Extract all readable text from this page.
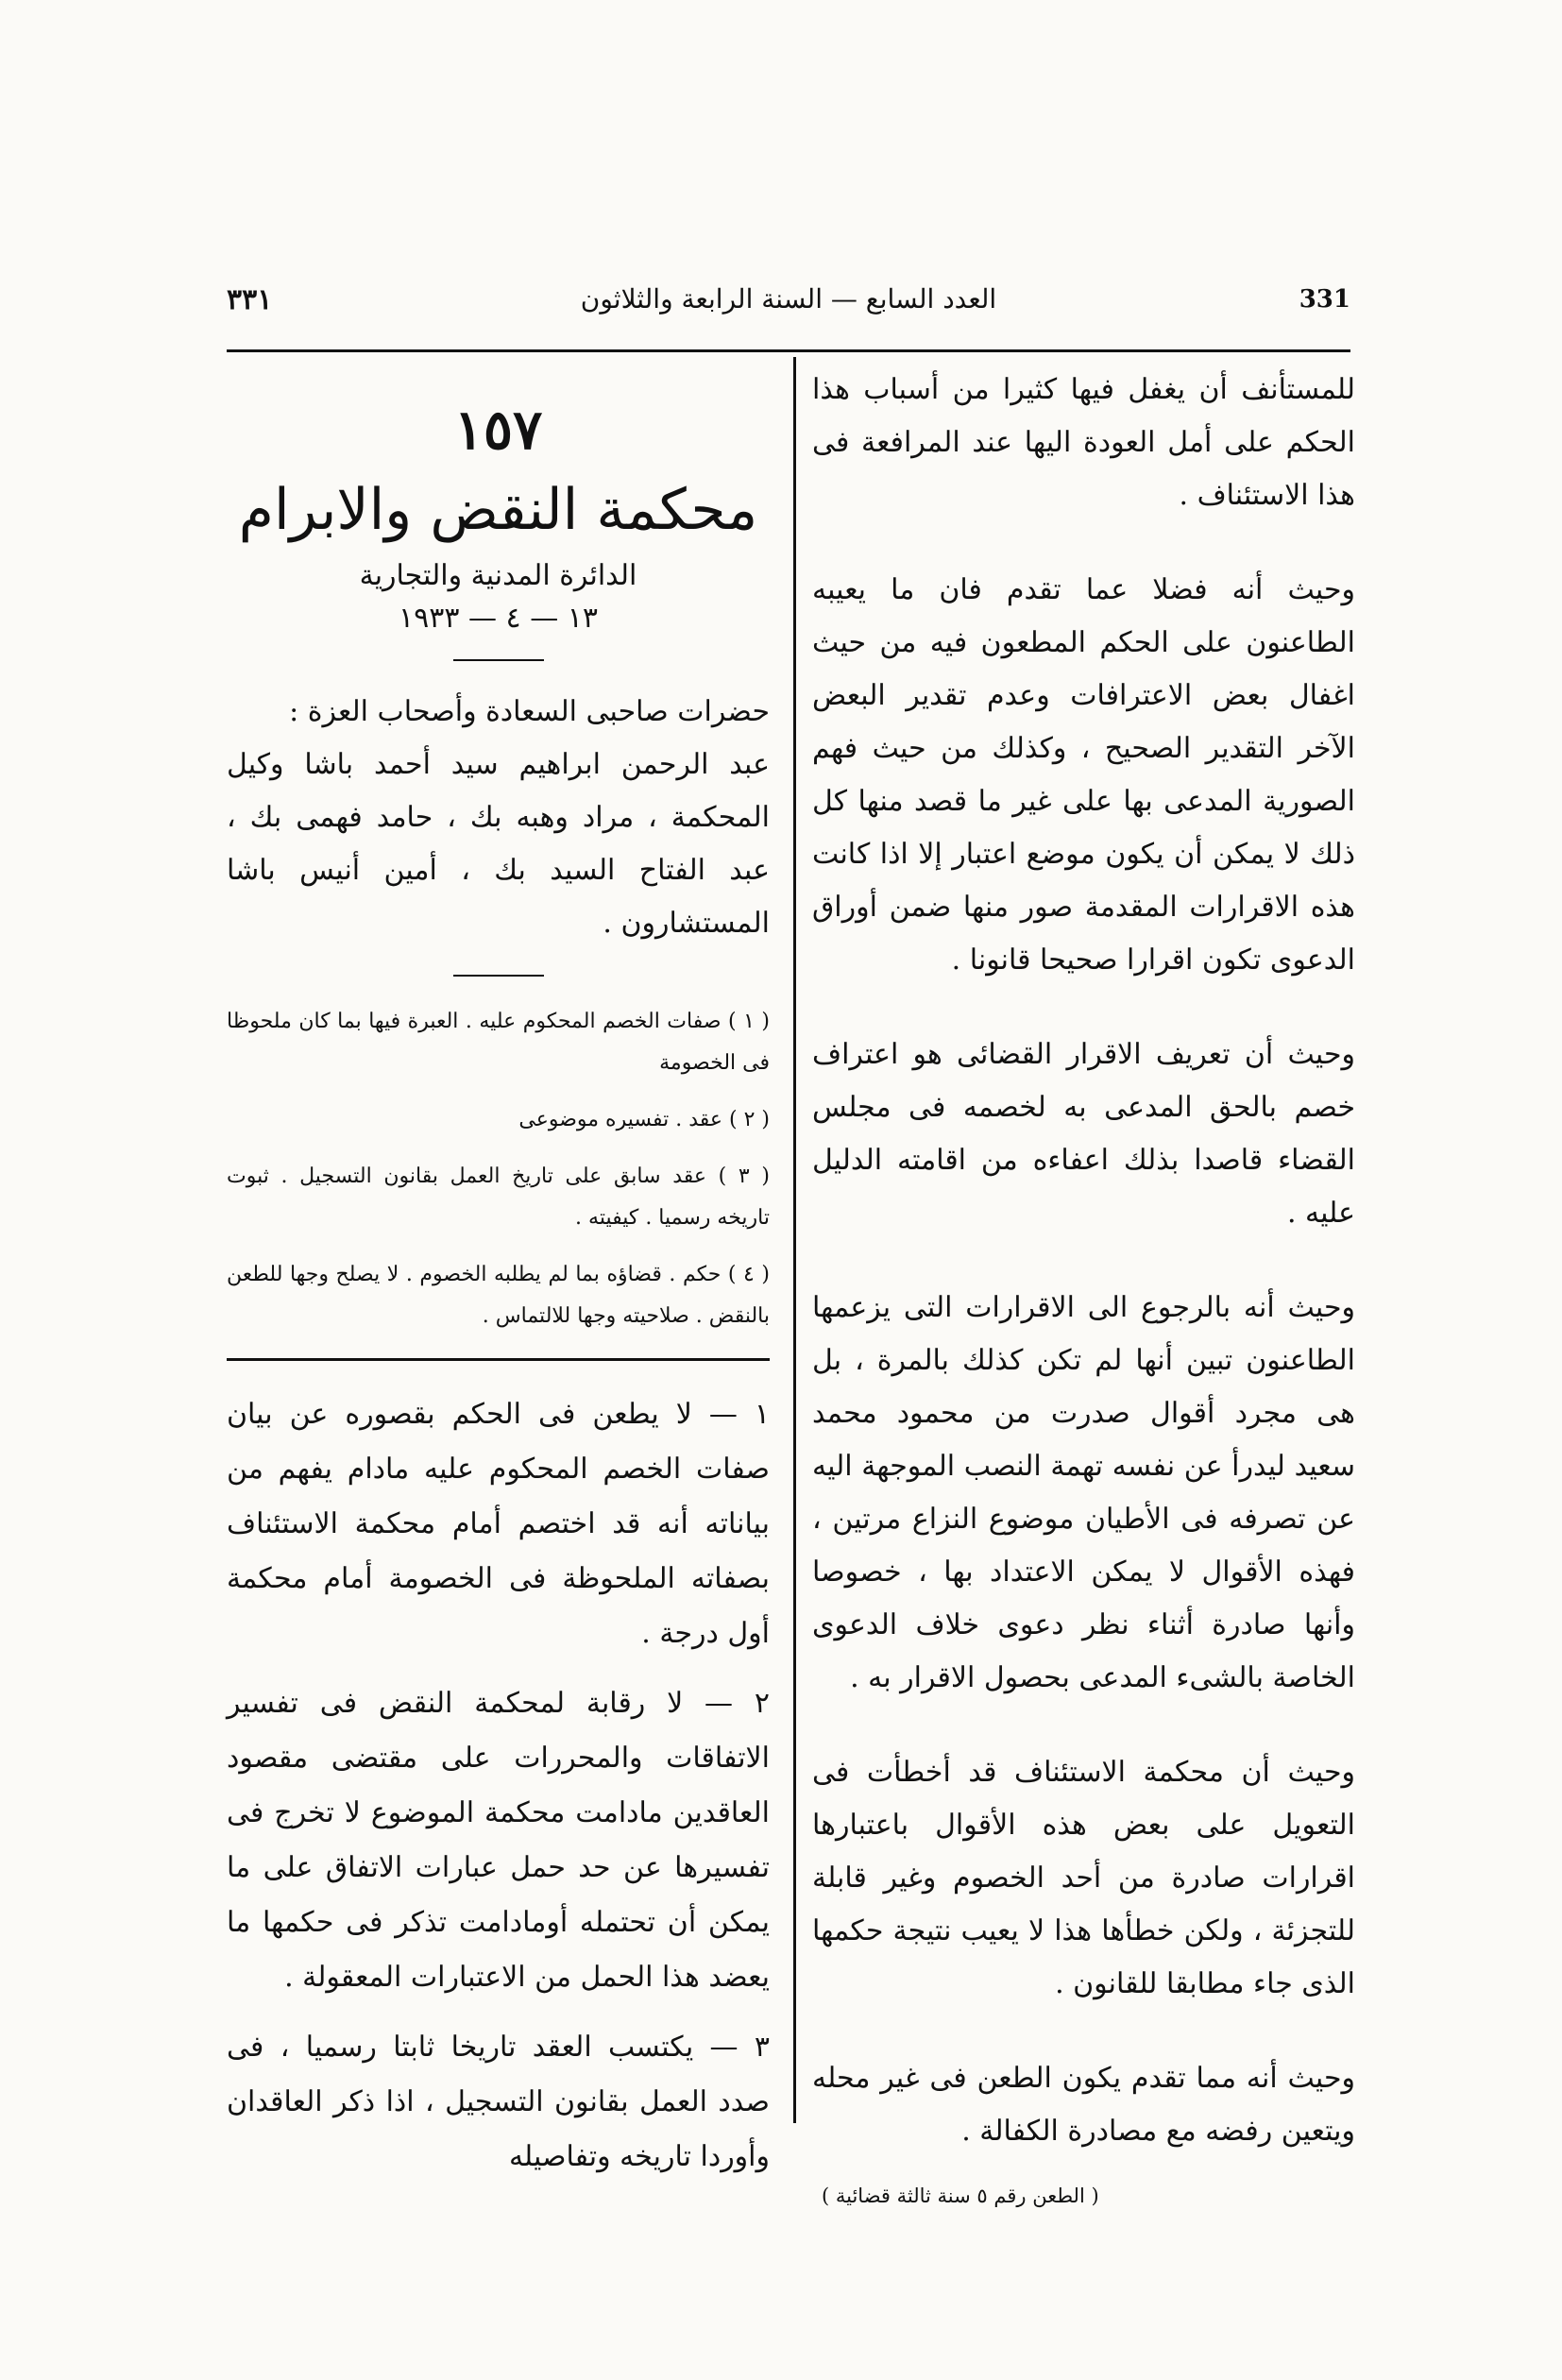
٣٣١	العدد السابع — السنة الرابعة والثلاثون	331

للمستأنف أن يغفل فيها كثيرا من أسباب هذا الحكم على أمل العودة اليها عند المرافعة فى هذا الاستئناف .

وحيث أنه فضلا عما تقدم فان ما يعيبه الطاعنون على الحكم المطعون فيه من حيث اغفال بعض الاعترافات وعدم تقدير البعض الآخر التقدير الصحيح ، وكذلك من حيث فهم الصورية المدعى بها على غير ما قصد منها كل ذلك لا يمكن أن يكون موضع اعتبار إلا اذا كانت هذه الاقرارات المقدمة صور منها ضمن أوراق الدعوى تكون اقرارا صحيحا قانونا .

وحيث أن تعريف الاقرار القضائى هو اعتراف خصم بالحق المدعى به لخصمه فى مجلس القضاء قاصدا بذلك اعفاءه من اقامته الدليل عليه .

وحيث أنه بالرجوع الى الاقرارات التى يزعمها الطاعنون تبين أنها لم تكن كذلك بالمرة ، بل هى مجرد أقوال صدرت من محمود محمد سعيد ليدرأ عن نفسه تهمة النصب الموجهة اليه عن تصرفه فى الأطيان موضوع النزاع مرتين ، فهذه الأقوال لا يمكن الاعتداد بها ، خصوصا وأنها صادرة أثناء نظر دعوى خلاف الدعوى الخاصة بالشىء المدعى بحصول الاقرار به .

وحيث أن محكمة الاستئناف قد أخطأت فى التعويل على بعض هذه الأقوال باعتبارها اقرارات صادرة من أحد الخصوم وغير قابلة للتجزئة ، ولكن خطأها هذا لا يعيب نتيجة حكمها الذى جاء مطابقا للقانون .

وحيث أنه مما تقدم يكون الطعن فى غير محله ويتعين رفضه مع مصادرة الكفالة .

( الطعن رقم ٥ سنة ثالثة قضائية )

١٥٧

محكمة النقض والابرام

الدائرة المدنية والتجارية

١٣ — ٤ — ١٩٣٣

حضرات صاحبى السعادة وأصحاب العزة :

عبد الرحمن ابراهيم سيد أحمد باشا وكيل المحكمة ، مراد وهبه بك ، حامد فهمى بك ، عبد الفتاح السيد بك ، أمين أنيس باشا المستشارون .

( ١ ) صفات الخصم المحكوم عليه . العبرة فيها بما كان ملحوظا فى الخصومة

( ٢ ) عقد . تفسيره موضوعى

( ٣ ) عقد سابق على تاريخ العمل بقانون التسجيل . ثبوت تاريخه رسميا . كيفيته .

( ٤ ) حكم . قضاؤه بما لم يطلبه الخصوم . لا يصلح وجها للطعن بالنقض . صلاحيته وجها للالتماس .

١ — لا يطعن فى الحكم بقصوره عن بيان صفات الخصم المحكوم عليه مادام يفهم من بياناته أنه قد اختصم أمام محكمة الاستئناف بصفاته الملحوظة فى الخصومة أمام محكمة أول درجة .

٢ — لا رقابة لمحكمة النقض فى تفسير الاتفاقات والمحررات على مقتضى مقصود العاقدين مادامت محكمة الموضوع لا تخرج فى تفسيرها عن حد حمل عبارات الاتفاق على ما يمكن أن تحتمله أومادامت تذكر فى حكمها ما يعضد هذا الحمل من الاعتبارات المعقولة .

٣ — يكتسب العقد تاريخا ثابتا رسميا ، فى صدد العمل بقانون التسجيل ، اذا ذكر العاقدان وأوردا تاريخه وتفاصيله
